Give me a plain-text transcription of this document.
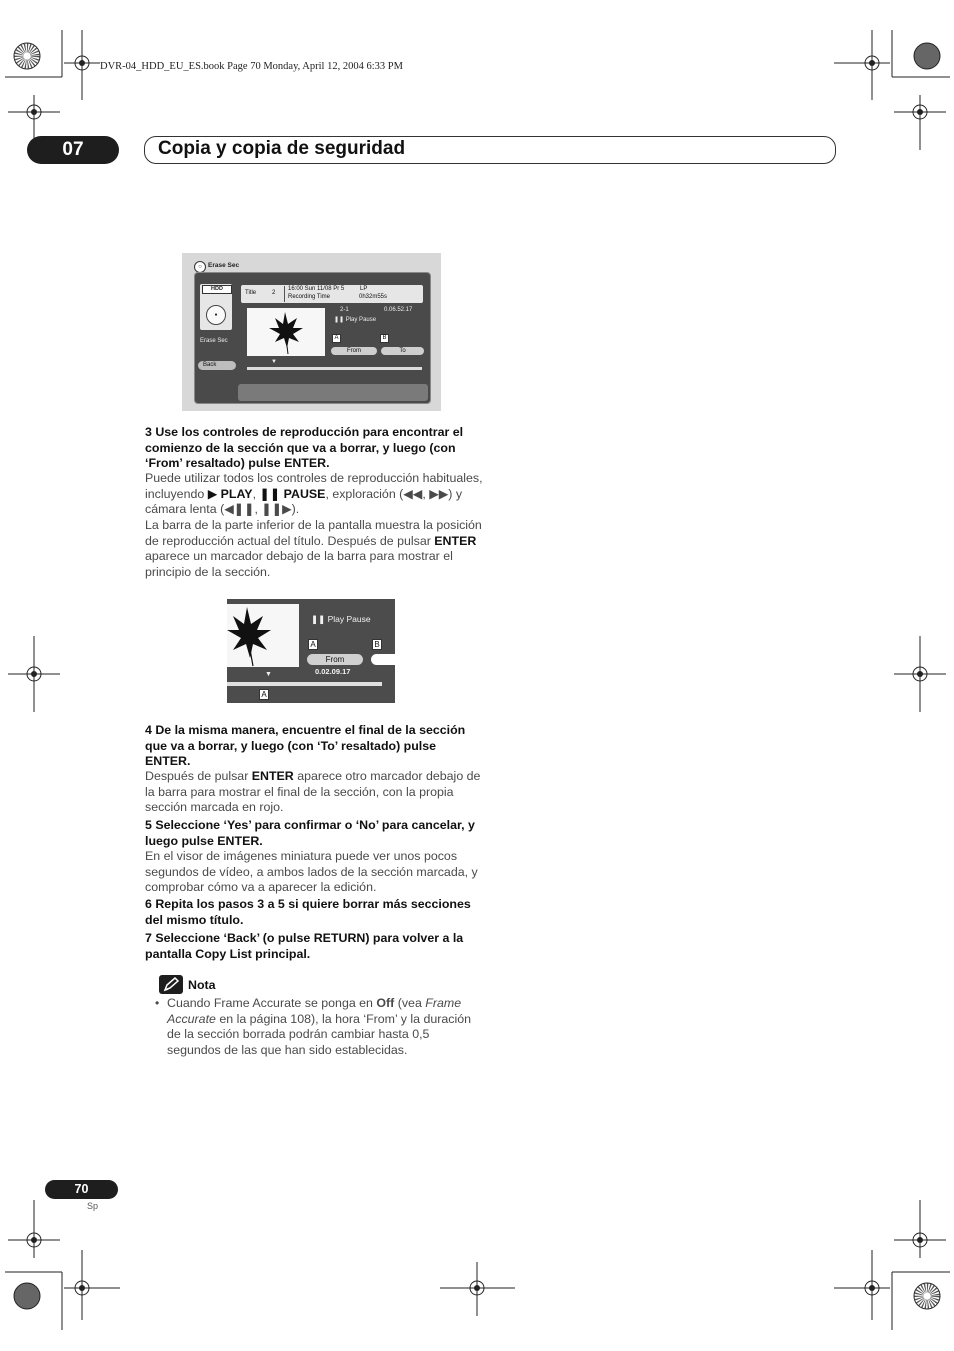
DVR-04_HDD_EU_ES.book Page 70 Monday, April 12, 2004 6:33 PM
07	Copia y copia de seguridad
○ Erase Sec
HDD
●
Erase Sec
Back
Title	2
16:00 Sun 11/08 Pr 5	LP
Recording Time	0h32m55s
2-1	0.06.52.17
❚❚ Play Pause
A	B
From	To
▼
3 Use los controles de reproducción para encontrar el comienzo de la sección que va a borrar, y luego (con ‘From’ resaltado) pulse ENTER.
Puede utilizar todos los controles de reproducción habituales, incluyendo ▶ PLAY, ❚❚ PAUSE, exploración (◀◀, ▶▶) y cámara lenta (◀❚❚, ❚❚▶).
La barra de la parte inferior de la pantalla muestra la posición de reproducción actual del título. Después de pulsar ENTER aparece un marcador debajo de la barra para mostrar el principio de la sección.
❚❚ Play Pause
A	B
From
0.02.09.17
▼
A
4 De la misma manera, encuentre el final de la sección que va a borrar, y luego (con ‘To’ resaltado) pulse ENTER.
Después de pulsar ENTER aparece otro marcador debajo de la barra para mostrar el final de la sección, con la propia sección marcada en rojo.
5 Seleccione ‘Yes’ para confirmar o ‘No’ para cancelar, y luego pulse ENTER.
En el visor de imágenes miniatura puede ver unos pocos segundos de vídeo, a ambos lados de la sección marcada, y comprobar cómo va a aparecer la edición.
6 Repita los pasos 3 a 5 si quiere borrar más secciones del mismo título.
7 Seleccione ‘Back’ (o pulse RETURN) para volver a la pantalla Copy List principal.
Nota
• Cuando Frame Accurate se ponga en Off (vea Frame Accurate en la página 108), la hora ‘From’ y la duración de la sección borrada podrán cambiar hasta 0,5 segundos de las que han sido establecidas.
70
Sp
